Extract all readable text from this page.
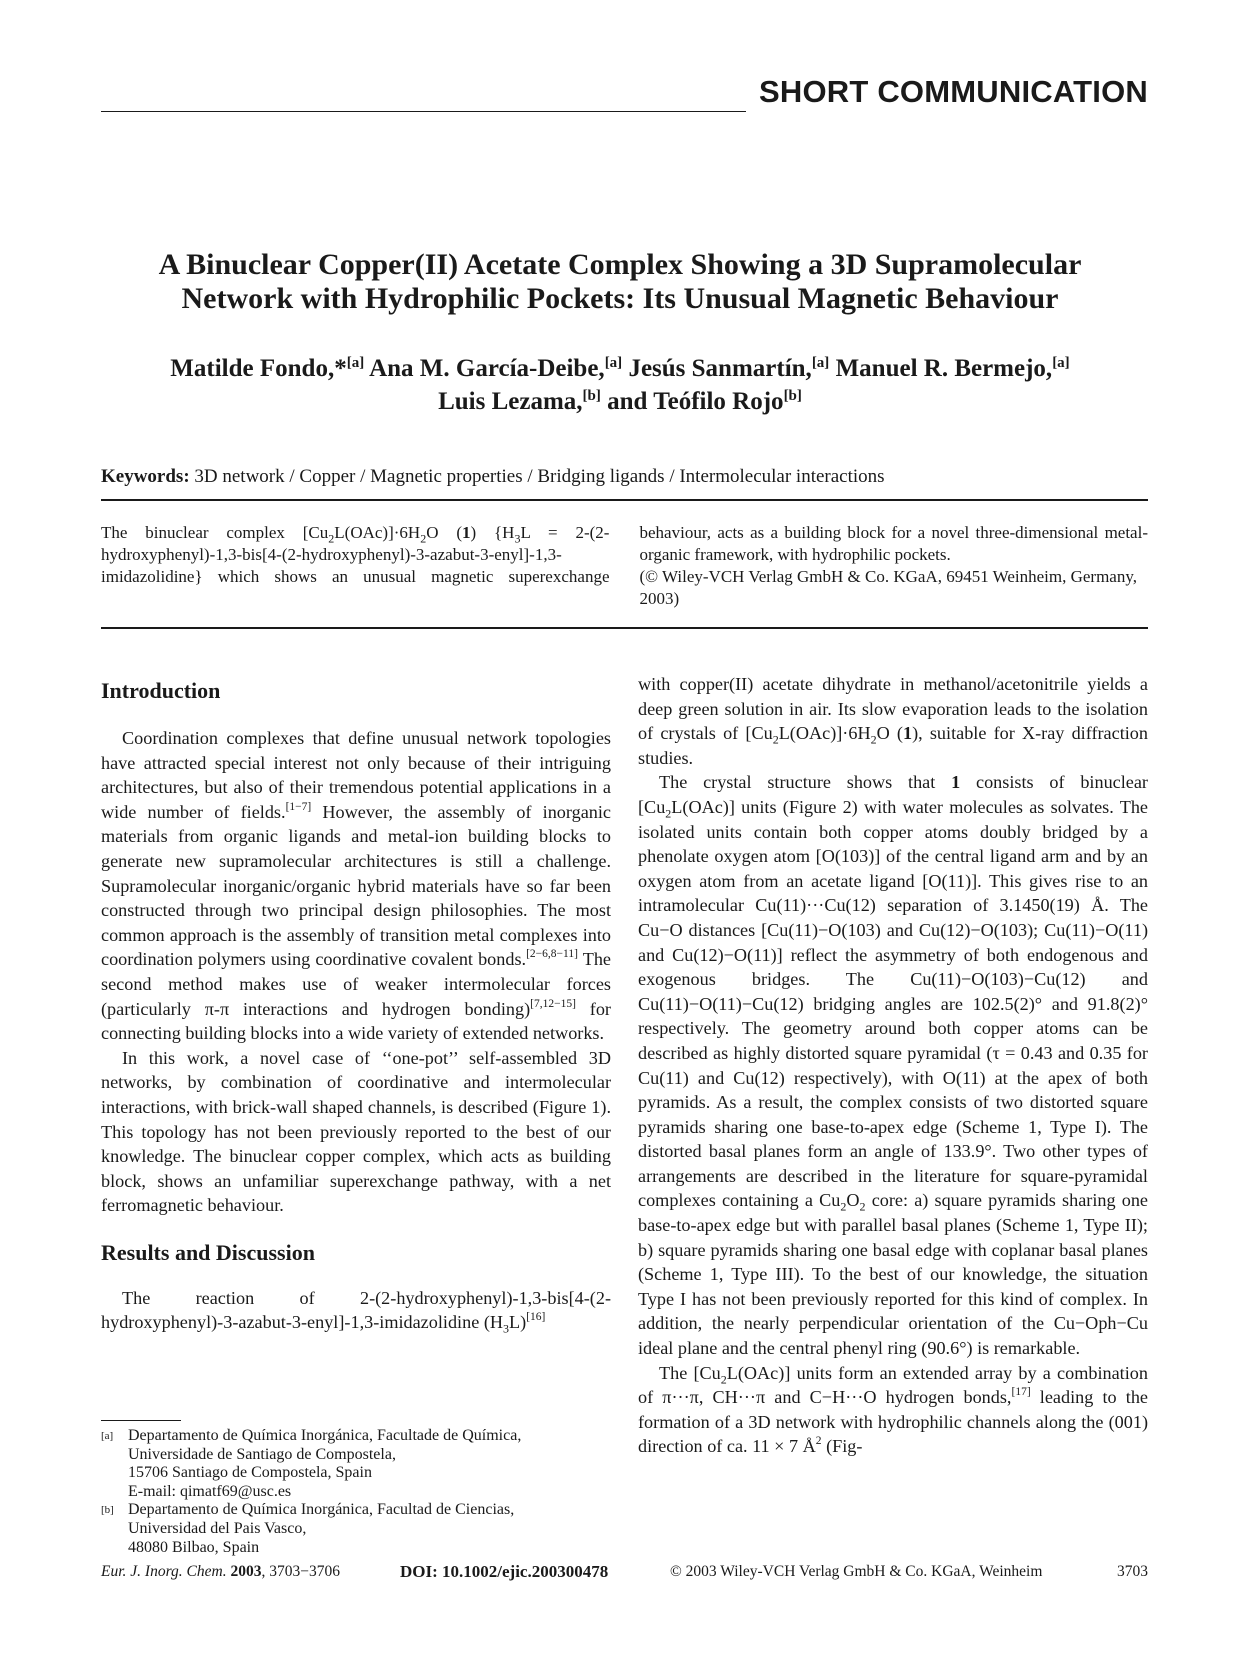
SHORT COMMUNICATION
A Binuclear Copper(II) Acetate Complex Showing a 3D Supramolecular
Network with Hydrophilic Pockets: Its Unusual Magnetic Behaviour
Matilde Fondo,*[a] Ana M. García-Deibe,[a] Jesús Sanmartín,[a] Manuel R. Bermejo,[a]
Luis Lezama,[b] and Teófilo Rojo[b]
Keywords: 3D network / Copper / Magnetic properties / Bridging ligands / Intermolecular interactions

The binuclear complex $[Cu_2L(OAc)]\cdot 6H_2O$ (1) {$H_3L$ = 2-(2-hydroxyphenyl)-1,3-bis[4-(2-hydroxyphenyl)-3-azabut-3-enyl]-1,3-imidazolidine} which shows an unusual magnetic superexchange behaviour, acts as a building block for a novel three-dimensional metal-organic framework, with hydrophilic pockets.

(© Wiley-VCH Verlag GmbH & Co. KGaA, 69451 Weinheim, Germany, 2003)

Introduction

Coordination complexes that define unusual network topologies have attracted special interest not only because of their intriguing architectures, but also of their tremendous potential applications in a wide number of fields.[1−7] However, the assembly of inorganic materials from organic ligands and metal-ion building blocks to generate new supramolecular architectures is still a challenge. Supramolecular inorganic/organic hybrid materials have so far been constructed through two principal design philosophies. The most common approach is the assembly of transition metal complexes into coordination polymers using coordinative covalent bonds.[2−6,8−11] The second method makes use of weaker intermolecular forces (particularly π-π interactions and hydrogen bonding)[7,12−15] for connecting building blocks into a wide variety of extended networks.

In this work, a novel case of ‘‘one-pot’’ self-assembled 3D networks, by combination of coordinative and intermolecular interactions, with brick-wall shaped channels, is described (Figure 1). This topology has not been previously reported to the best of our knowledge. The binuclear copper complex, which acts as building block, shows an unfamiliar superexchange pathway, with a net ferromagnetic behaviour.

Results and Discussion

The reaction of 2-(2-hydroxyphenyl)-1,3-bis[4-(2-hydroxyphenyl)-3-azabut-3-enyl]-1,3-imidazolidine $(H_3L)[16]$

[a] Departamento de Química Inorgánica, Facultade de Química,
Universidade de Santiago de Compostela,
15706 Santiago de Compostela, Spain
E-mail: qimatf69@usc.es
[b] Departamento de Química Inorgánica, Facultad de Ciencias,
Universidad del Pais Vasco,
48080 Bilbao, Spain

with copper(II) acetate dihydrate in methanol/acetonitrile yields a deep green solution in air. Its slow evaporation leads to the isolation of crystals of $[Cu_2L(OAc)]\cdot 6H_2O$ (1), suitable for X-ray diffraction studies.

The crystal structure shows that 1 consists of binuclear $[Cu_2L(OAc)]$ units (Figure 2) with water molecules as solvates. The isolated units contain both copper atoms doubly bridged by a phenolate oxygen atom [O(103)] of the central ligand arm and by an oxygen atom from an acetate ligand [O(11)]. This gives rise to an intramolecular Cu(11)···Cu(12) separation of 3.1450(19) Å. The Cu−O distances [Cu(11)−O(103) and Cu(12)−O(103); Cu(11)−O(11) and Cu(12)−O(11)] reflect the asymmetry of both endogenous and exogenous bridges. The Cu(11)−O(103)−Cu(12) and Cu(11)−O(11)−Cu(12) bridging angles are 102.5(2)° and 91.8(2)° respectively. The geometry around both copper atoms can be described as highly distorted square pyramidal (τ = 0.43 and 0.35 for Cu(11) and Cu(12) respectively), with O(11) at the apex of both pyramids. As a result, the complex consists of two distorted square pyramids sharing one base-to-apex edge (Scheme 1, Type I). The distorted basal planes form an angle of 133.9°. Two other types of arrangements are described in the literature for square-pyramidal complexes containing a $Cu_2O_2$ core: a) square pyramids sharing one base-to-apex edge but with parallel basal planes (Scheme 1, Type II); b) square pyramids sharing one basal edge with coplanar basal planes (Scheme 1, Type III). To the best of our knowledge, the situation Type I has not been previously reported for this kind of complex. In addition, the nearly perpendicular orientation of the Cu−Oph−Cu ideal plane and the central phenyl ring (90.6°) is remarkable.

The $[Cu_2L(OAc)]$ units form an extended array by a combination of π···π, CH···π and C−H···O hydrogen bonds,[17] leading to the formation of a 3D network with hydrophilic channels along the (001) direction of ca. 11 × 7 Å$^2$ (Fig-

Eur. J. Inorg. Chem. 2003, 3703−3706	DOI: 10.1002/ejic.200300478	© 2003 Wiley-VCH Verlag GmbH & Co. KGaA, Weinheim	3703
